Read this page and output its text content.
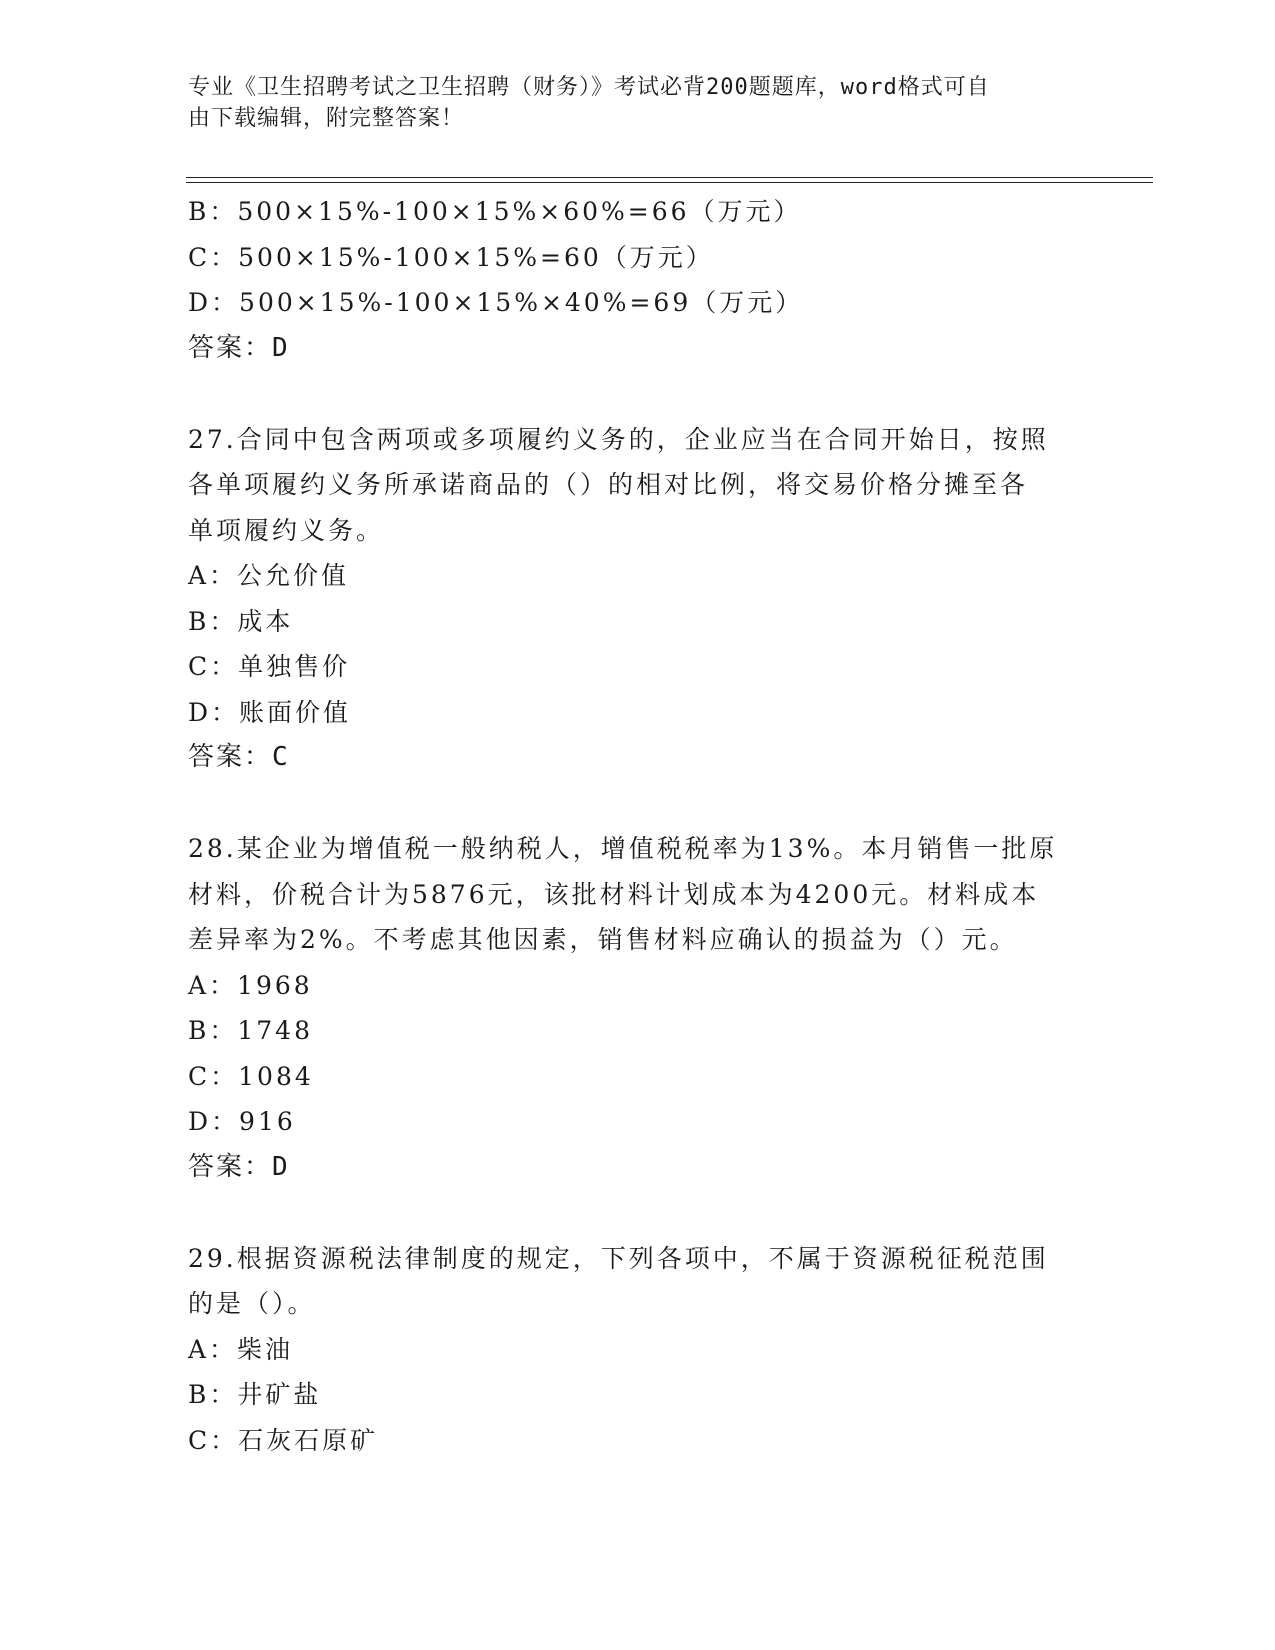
专业《卫生招聘考试之卫生招聘（财务）》考试必背200题题库，word格式可自
由下载编辑，附完整答案！

B：500×15%-100×15%×60%=66（万元）

C：500×15%-100×15%=60（万元）

D：500×15%-100×15%×40%=69（万元）

答案：D

27.合同中包含两项或多项履约义务的，企业应当在合同开始日，按照

各单项履约义务所承诺商品的（）的相对比例，将交易价格分摊至各

单项履约义务。

A：公允价值

B：成本

C：单独售价

D：账面价值

答案：C

28.某企业为增值税一般纳税人，增值税税率为13%。本月销售一批原

材料，价税合计为5876元，该批材料计划成本为4200元。材料成本

差异率为2%。不考虑其他因素，销售材料应确认的损益为（）元。

A：1968

B：1748

C：1084

D：916

答案：D

29.根据资源税法律制度的规定，下列各项中，不属于资源税征税范围

的是（）。

A：柴油

B：井矿盐

C：石灰石原矿
